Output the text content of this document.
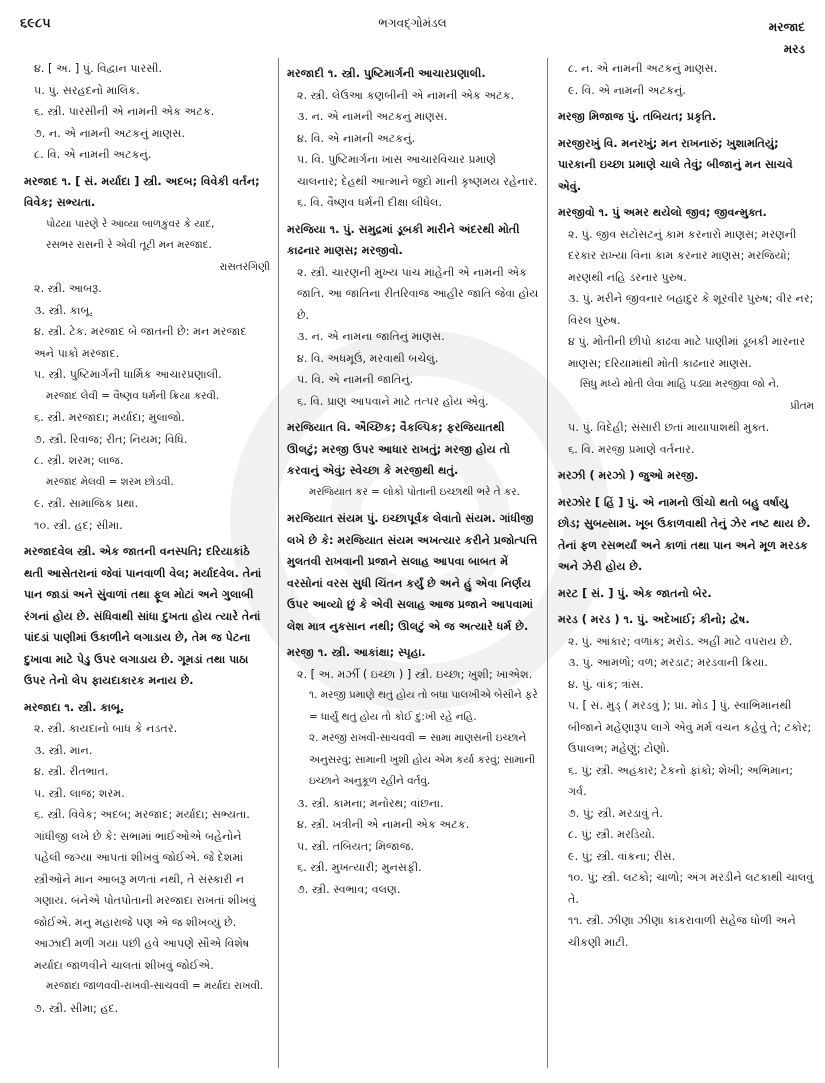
૬૯૮૫	ભગવદ્ગોમંડલ	મરજાદ
મરડ
૪. [ અ. ] પું. વિદ્વાન પારસી.
૫. પું. સરહદનો માલિક.
૬. સ્ત્રી. પારસીની એ નામની એક અટક.
૭. ન. એ નામની અટકનું માણસ.
૮. વિ. એ નામની અટકનું.
મરજાદ ૧. [ સં. મર્યાદા ] સ્ત્રી. અદબ; વિવેકી વર્તન; વિવેક; સભ્યતા.
પોઢયા પારણે રે આવ્યા બાળકુંવર કે યાદ,
રસભર રાસની રે એવી તૂટી મન મરજાદ.
રાસતરંગિણી
૨. સ્ત્રી. આબરૂ.
૩. સ્ત્રી. કાબૂ.
૪. સ્ત્રી. ટેક. મરજાદ બે જાતની છે: મન મરજાદ અને પાકો મરજાદ.
૫. સ્ત્રી. પુષ્ટિમાર્ગની ધાર્મિક આચારપ્રણાલી.
મરજાદ લેવી = વૈષ્ણવ ધર્મની ક્રિયા કરવી.
૬. સ્ત્રી. મરજાદા; મર્યાદા; મુલાજો.
૭. સ્ત્રી. રિવાજ; રીત; નિયમ; વિધિ.
૮. સ્ત્રી. શરમ; લાજ.
મરજાદ મેલવી = શરમ છોડવી.
૯. સ્ત્રી. સામાજિક પ્રથા.
૧૦. સ્ત્રી. હદ; સીમા.
મરજાદવેલ સ્ત્રી. એક જાતની વનસ્પતિ; દરિયાકાંઠે થતી આસેતરાનાં જેવાં પાનવાળી વેલ; મર્યાદવેલ. તેનાં પાન જાડાં અને સુંવાળાં તથા ફૂલ મોટાં અને ગુલાબી રંગનાં હોય છે. સંધિવાથી સાંધા દુખતા હોય ત્યારે તેનાં પાંદડાં પાણીમાં ઉકાળીને લગાડાય છે, તેમ જ પેટના દુખાવા માટે પેડુ ઉપર લગાડાય છે. ગૂમડાં તથા પાઠા ઉપર તેનો લેપ ફાયદાકારક મનાય છે.
મરજાદા ૧. સ્ત્રી. કાબૂ.
૨. સ્ત્રી. કાયદાનો બાધ કે નડતર.
૩. સ્ત્રી. માન.
૪. સ્ત્રી. રીતભાત.
૫. સ્ત્રી. લાજ; શરમ.
૬. સ્ત્રી. વિવેક; અદબ; મરજાદ; મર્યાદા; સભ્યતા. ગાંધીજી લખે છે કે: સભામાં ભાઈઓએ બહેનોને પહેલી જગ્યા આપતાં શીખવું જોઈએ. જે દેશમાં સ્ત્રીઓને માન આબરૂ મળતાં નથી, તે સંસ્કારી ન ગણાય. બંનેએ પોતપોતાની મરજાદા રાખતાં શીખવું જોઈએ. મનુ મહારાજે પણ એ જ શીખવ્યું છે. આઝાદી મળી ગયા પછી હવે આપણે સૌએ વિશેષ મર્યાદા જાળવીને ચાલતાં શીખવું જોઈએ.
મરજાદા જાળવવી-રાખવી-સાચવવી = મર્યાદા રાખવી.
૭. સ્ત્રી. સીમા; હદ.
મરજાદી ૧. સ્ત્રી. પુષ્ટિમાર્ગની આચારપ્રણાલી.
૨. સ્ત્રી. લેઉઆ કણબીની એ નામની એક અટક.
૩. ન. એ નામની અટકનું માણસ.
૪. વિ. એ નામની અટકનું.
૫. વિ. પુષ્ટિમાર્ગના ખાસ આચારવિચાર પ્રમાણે ચાલનાર; દેહથી આત્માને જુદો માની કૃષ્ણમય રહેનાર.
૬. વિ. વૈષ્ણવ ધર્મની દીક્ષા લીધેલ.
મરજિયા ૧. પું. સમુદ્રમાં ડૂબકી મારીને અંદરથી મોતી કાઢનાર માણસ; મરજીવો.
૨. સ્ત્રી. ચારણની મુખ્ય પાંચ માંહેની એ નામની એક જાતિ. આ જાતિના રીતરિવાજ આહીર જાતિ જેવા હોય છે.
૩. ન. એ નામના જાતિનું માણસ.
૪. વિ. અધમૂઉં, મરવાથી બચેલું.
૫. વિ. એ નામની જાતિનું.
૬. વિ. પ્રાણ આપવાને માટે તત્પર હોય એવું.
મરજિયાત વિ. ઐચ્છિક; વૈકલ્પિક; ફરજિયાતથી ઊલટું; મરજી ઉપર આધાર રાખતું; મરજી હોય તો કરવાનું એવું; સ્વેચ્છા કે મરજીથી થતું.
મરજિયાત કર = લોકો પોતાની ઇચ્છાથી ભરે તે કર.
મરજિયાત સંયમ પું. ઇચ્છાપૂર્વક લેવાતો સંયમ. ગાંધીજી લખે છે કે: મરજિયાત સંયમ અખત્યાર કરીને પ્રજોત્પત્તિ મુલતવી રાખવાની પ્રજાને સલાહ આપવા બાબત મેં વરસોનાં વરસ સુધી ચિંતન કર્યું છે અને હું એવા નિર્ણય ઉપર આવ્યો છું કે એવી સલાહ આજ પ્રજાને આપવામાં લેશ માત્ર નુકસાન નથી; ઊલટું એ જ અત્યારે ધર્મ છે.
મરજી ૧. સ્ત્રી. આકાંક્ષા; સ્પૃહા.
૨. [ અ. મર્ઝી ( ઇચ્છા ) ] સ્ત્રી. ઇચ્છા; ખુશી; ખાએશ.
૧. મરજી પ્રમાણે થતું હોય તો બધા પાલખીએ બેસીને ફરે = ધાર્યું થતું હોય તો કોઈ દુ:ખી રહે નહિ.
૨. મરજી રાખવી-સાચવવી = સામા માણસની ઇચ્છાને અનુસરવું; સામાની ખુશી હોય એમ કર્યા કરવું; સામાની ઇચ્છાને અનુકૂળ રહીને વર્તવું.
૩. સ્ત્રી. કામના; મનોરથ; વાંછના.
૪. સ્ત્રી. ખત્રીની એ નામની એક અટક.
૫. સ્ત્રી. તબિયત; મિજાજ.
૬. સ્ત્રી. મુખત્યારી; મુનસફી.
૭. સ્ત્રી. સ્વભાવ; વલણ.
૮. ન. એ નામની અટકનું માણસ.
૯. વિ. એ નામની અટકનું.
મરજી મિજાજ પું. તબિયત; પ્રકૃતિ.
મરજીરખું વિ. મનરખું; મન રાખનારું; ખુશામતિયું; પારકાની ઇચ્છા પ્રમાણે ચાલે તેવું; બીજાનું મન સાચવે એવું.
મરજીવો ૧. પું અમર થયેલો જીવ; જીવન્મુક્ત.
૨. પું. જીવ સટોસટનું કામ કરનારો માણસ; મરણની દરકાર રાખ્યા વિના કામ કરનાર માણસ; મરજિયો; મરણથી નહિ ડરનાર પુરુષ.
૩. પું. મરીને જીવનાર બહાદુર કે શૂરવીર પુરુષ; વીર નર; વિરલ પુરુષ.
૪ પું. મોતીની છીપો કાઢવા માટે પાણીમાં ડૂબકી મારનાર માણસ; દરિયામાંથી મોતી કાઢનાર માણસ.
સિંધુ મધ્યે મોતી લેવા માંહિ પડ્યા મરજીવા જો ને.
પ્રીતમ
૫. પું. વિદેહી; સંસારી છતાં માયાપાશથી મુક્ત.
૬. વિ. મરજી પ્રમાણે વર્તનાર.
મરઝી ( મરઝો ) જુઓ મરજી.
મરઝોર [ હિં ] પું. એ નામનો ઊંચો થતો બહુ વર્ષાયુ છોડ; સુબહ્સામ. ખૂબ ઉકાળવાથી તેનું ઝેર નષ્ટ થાય છે. તેનાં ફળ રસભર્યાં અને કાળાં તથા પાન અને મૂળ મરડક અને ઝેરી હોય છે.
મરટ [ સં. ] પું. એક જાતનો બેર.
મરડ ( મરડ ) ૧. પું. અદેખાઈ; કીનો; દ્વેષ.
૨. પું. આંકાર; વળાંક; મરોડ. અહીં માટે વપરાય છે.
૩. પું. આમળો; વળ; મરડાટ; મરડવાની ક્રિયા.
૪. પું. વાંક; ત્રાંસ.
૫. [ સં. મુડ્ ( મરડવું ); પ્રા. મોડ ] પું. સ્વાભિમાનથી બીજાને મહેણારૂપ લાગે એવું મર્મ વચન કહેવું તે; ટકોર; ઉપાલભ; મહેણું; ટોણો.
૬. પું; સ્ત્રી. અહંકાર; ટેકનો ફાંકો; શેખી; અભિમાન; ગર્વ.
૭. પું; સ્ત્રી. મરડાવું તે.
૮. પું; સ્ત્રી. મરડિયો.
૯. પું; સ્ત્રી. વાંકના; રીસ.
૧૦. પું; સ્ત્રી. લટકો; ચાળો; અંગ મરડીને લટકાથી ચાલવું તે.
૧૧. સ્ત્રી. ઝીણા ઝીણા કાંકરાવાળી સહેજ ધોળી અને ચીકણી માટી.
